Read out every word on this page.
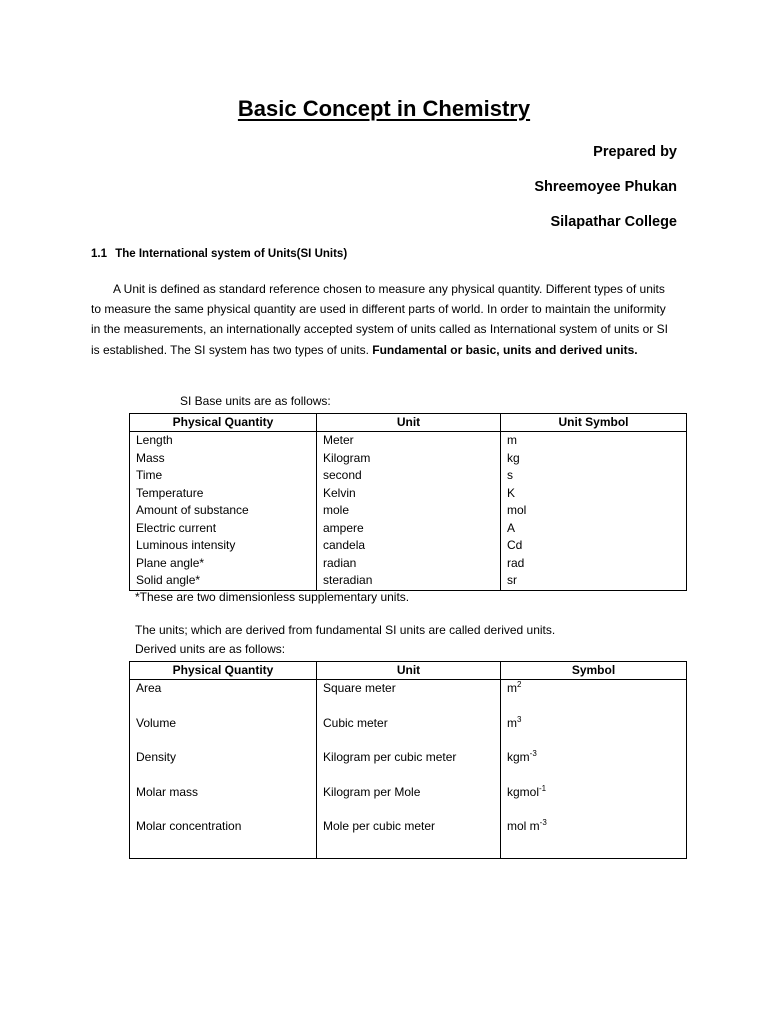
Basic Concept in Chemistry

Prepared by

Shreemoyee Phukan

Silapathar College

1.1 The International system of Units(SI Units)

A Unit is defined as standard reference chosen to measure any physical quantity. Different types of units to measure the same physical quantity are used in different parts of world. In order to maintain the uniformity in the measurements, an internationally accepted system of units called as International system of units or SI is established. The SI system has two types of units. Fundamental or basic, units and derived units.

SI Base units are as follows:

Physical Quantity	Unit	Unit Symbol
Length	Meter	m
Mass	Kilogram	kg
Time	second	s
Temperature	Kelvin	K
Amount of substance	mole	mol
Electric current	ampere	A
Luminous intensity	candela	Cd
Plane angle*	radian	rad
Solid angle*	steradian	sr

*These are two dimensionless supplementary units.

The units; which are derived from fundamental SI units are called derived units.

Derived units are as follows:

Physical Quantity	Unit	Symbol
Area	Square meter	$m^2$
Volume	Cubic meter	$m^3$
Density	Kilogram per cubic meter	kgm$^{-3}$
Molar mass	Kilogram per Mole	kgmol$^{-1}$
Molar concentration	Mole per cubic meter	mol $m^{-3}$
